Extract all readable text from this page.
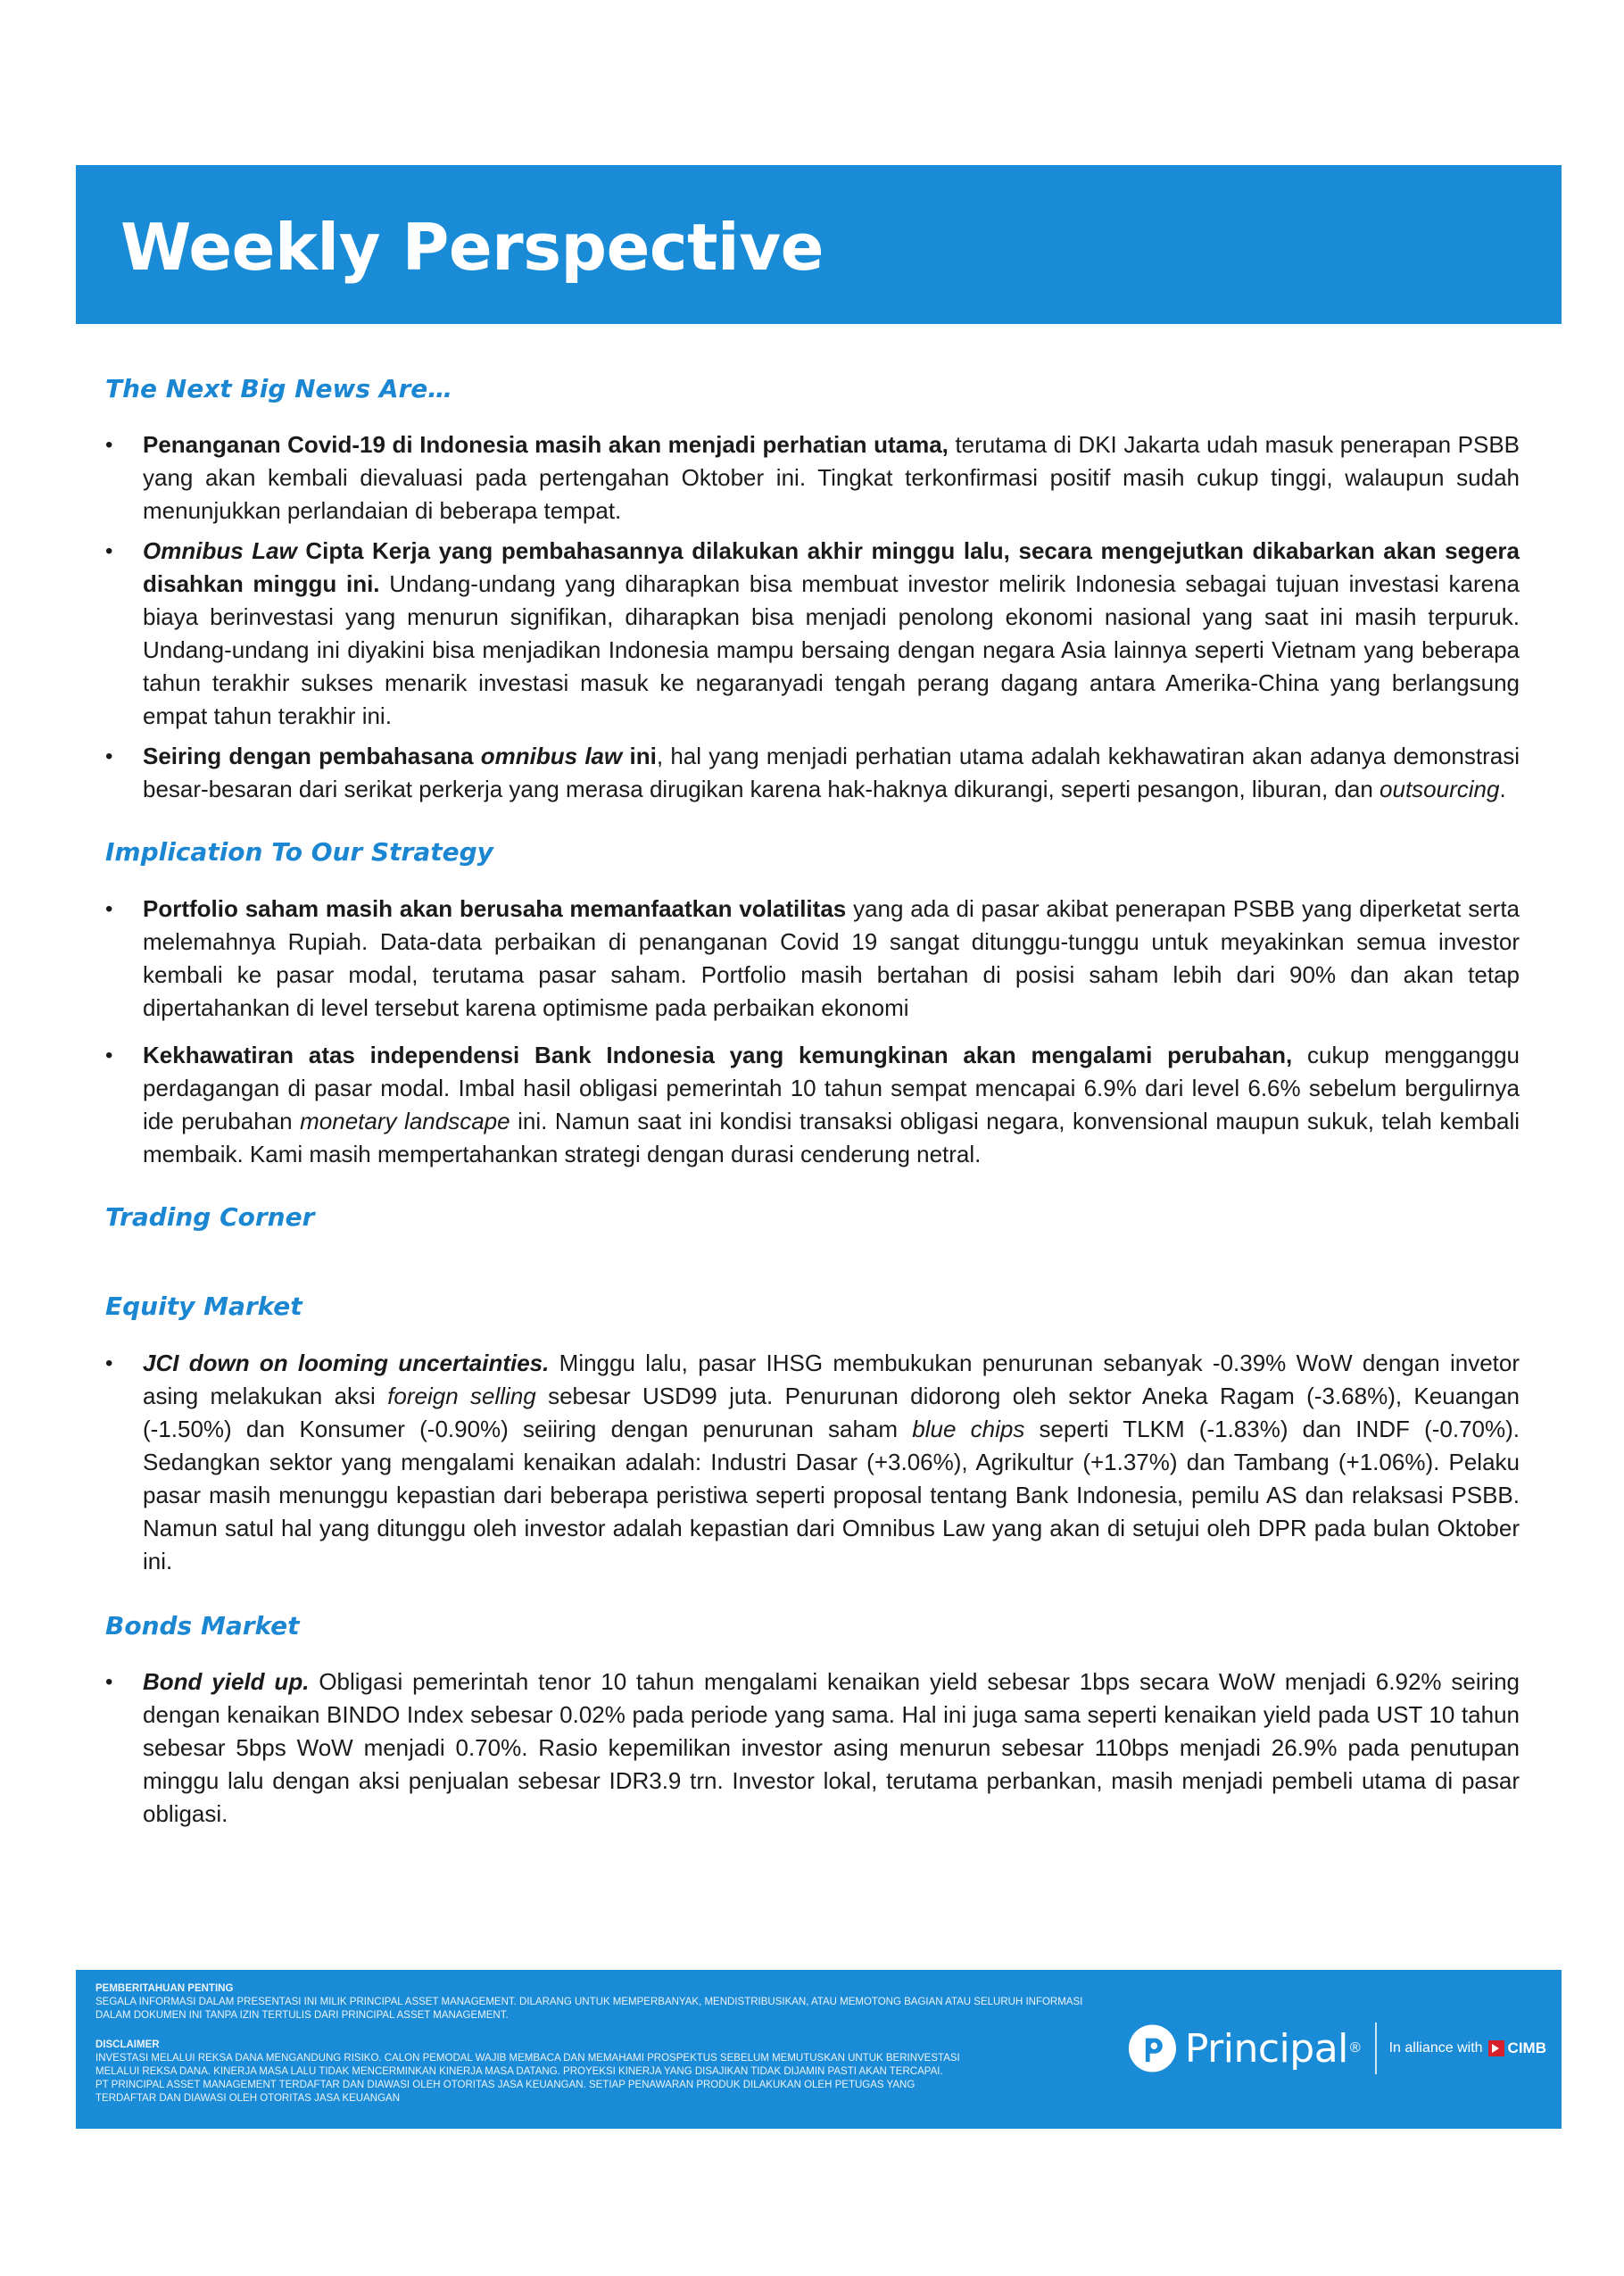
Weekly Perspective
The Next Big News Are…
• Penanganan Covid-19 di Indonesia masih akan menjadi perhatian utama, terutama di DKI Jakarta udah masuk penerapan PSBB yang akan kembali dievaluasi pada pertengahan Oktober ini. Tingkat terkonfirmasi positif masih cukup tinggi, walaupun sudah menunjukkan perlandaian di beberapa tempat.
• Omnibus Law Cipta Kerja yang pembahasannya dilakukan akhir minggu lalu, secara mengejutkan dikabarkan akan segera disahkan minggu ini. Undang-undang yang diharapkan bisa membuat investor melirik Indonesia sebagai tujuan investasi karena biaya berinvestasi yang menurun signifikan, diharapkan bisa menjadi penolong ekonomi nasional yang saat ini masih terpuruk. Undang-undang ini diyakini bisa menjadikan Indonesia mampu bersaing dengan negara Asia lainnya seperti Vietnam yang beberapa tahun terakhir sukses menarik investasi masuk ke negaranyadi tengah perang dagang antara Amerika-China yang berlangsung empat tahun terakhir ini.
• Seiring dengan pembahasana omnibus law ini, hal yang menjadi perhatian utama adalah kekhawatiran akan adanya demonstrasi besar-besaran dari serikat perkerja yang merasa dirugikan karena hak-haknya dikurangi, seperti pesangon, liburan, dan outsourcing.
Implication To Our Strategy
• Portfolio saham masih akan berusaha memanfaatkan volatilitas yang ada di pasar akibat penerapan PSBB yang diperketat serta melemahnya Rupiah. Data-data perbaikan di penanganan Covid 19 sangat ditunggu-tunggu untuk meyakinkan semua investor kembali ke pasar modal, terutama pasar saham. Portfolio masih bertahan di posisi saham lebih dari 90% dan akan tetap dipertahankan di level tersebut karena optimisme pada perbaikan ekonomi
• Kekhawatiran atas independensi Bank Indonesia yang kemungkinan akan mengalami perubahan, cukup mengganggu perdagangan di pasar modal. Imbal hasil obligasi pemerintah 10 tahun sempat mencapai 6.9% dari level 6.6% sebelum bergulirnya ide perubahan monetary landscape ini. Namun saat ini kondisi transaksi obligasi negara, konvensional maupun sukuk, telah kembali membaik. Kami masih mempertahankan strategi dengan durasi cenderung netral.
Trading Corner
Equity Market
• JCI down on looming uncertainties. Minggu lalu, pasar IHSG membukukan penurunan sebanyak -0.39% WoW dengan invetor asing melakukan aksi foreign selling sebesar USD99 juta. Penurunan didorong oleh sektor Aneka Ragam (-3.68%), Keuangan (-1.50%) dan Konsumer (-0.90%) seiiring dengan penurunan saham blue chips seperti TLKM (-1.83%) dan INDF (-0.70%). Sedangkan sektor yang mengalami kenaikan adalah: Industri Dasar (+3.06%), Agrikultur (+1.37%) dan Tambang (+1.06%). Pelaku pasar masih menunggu kepastian dari beberapa peristiwa seperti proposal tentang Bank Indonesia, pemilu AS dan relaksasi PSBB. Namun satul hal yang ditunggu oleh investor adalah kepastian dari Omnibus Law yang akan di setujui oleh DPR pada bulan Oktober ini.
Bonds Market
• Bond yield up. Obligasi pemerintah tenor 10 tahun mengalami kenaikan yield sebesar 1bps secara WoW menjadi 6.92% seiring dengan kenaikan BINDO Index sebesar 0.02% pada periode yang sama. Hal ini juga sama seperti kenaikan yield pada UST 10 tahun sebesar 5bps WoW menjadi 0.70%. Rasio kepemilikan investor asing menurun sebesar 110bps menjadi 26.9% pada penutupan minggu lalu dengan aksi penjualan sebesar IDR3.9 trn. Investor lokal, terutama perbankan, masih menjadi pembeli utama di pasar obligasi.

PEMBERITAHUAN PENTING

SEGALA INFORMASI DALAM PRESENTASI INI MILIK PRINCIPAL ASSET MANAGEMENT. DILARANG UNTUK MEMPERBANYAK, MENDISTRIBUSIKAN, ATAU MEMOTONG BAGIAN ATAU SELURUH INFORMASI

DALAM DOKUMEN INI TANPA IZIN TERTULIS DARI PRINCIPAL ASSET MANAGEMENT.

DISCLAIMER

INVESTASI MELALUI REKSA DANA MENGANDUNG RISIKO. CALON PEMODAL WAJIB MEMBACA DAN MEMAHAMI PROSPEKTUS SEBELUM MEMUTUSKAN UNTUK BERINVESTASI

MELALUI REKSA DANA. KINERJA MASA LALU TIDAK MENCERMINKAN KINERJA MASA DATANG. PROYEKSI KINERJA YANG DISAJIKAN TIDAK DIJAMIN PASTI AKAN TERCAPAI.

PT PRINCIPAL ASSET MANAGEMENT TERDAFTAR DAN DIAWASI OLEH OTORITAS JASA KEUANGAN. SETIAP PENAWARAN PRODUK DILAKUKAN OLEH PETUGAS YANG

TERDAFTAR DAN DIAWASI OLEH OTORITAS JASA KEUANGAN

Principal ® In alliance with CIMB
